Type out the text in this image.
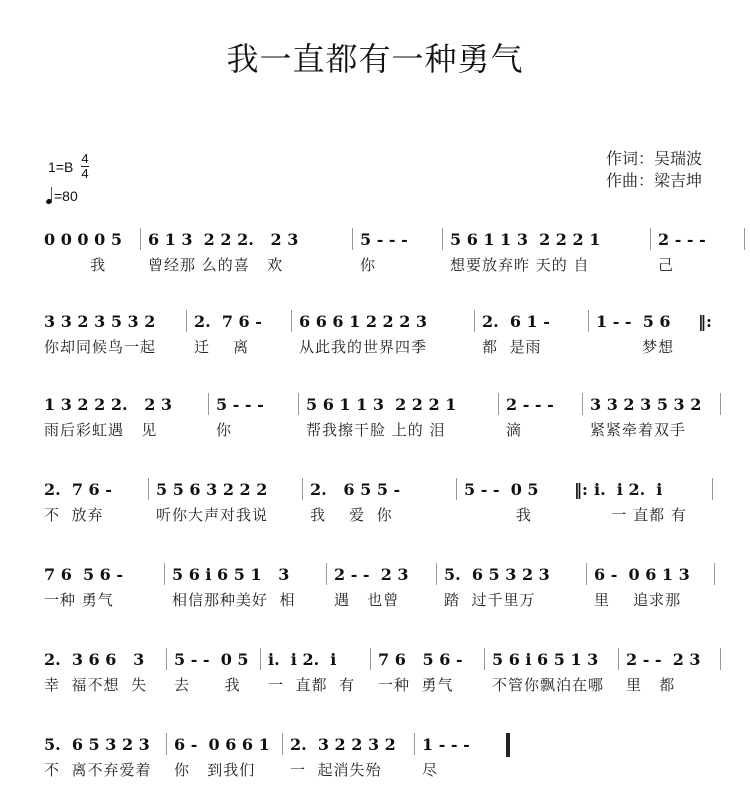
我一直都有一种勇气
$1=B \frac{4}{4}$
=80
作词：吴瑞波
作曲：梁吉坤
0 0 0 0 5
我
6 1 3  2 2 2.   2 3
曾经那 么的喜   欢
5 - - -
你
5 6 1 1 3  2 2 2 1
想要放弃昨 天的 自
2 - - -
己
3 3 2 3 5 3 2
你却同候鸟一起
2.  7 6 -
迁    离
6 6 6 1 2 2 2 3
从此我的世界四季
2.  6 1 -
都  是雨
1 - -  5 6
梦想
‖:
1 3 2 2 2.   2 3
雨后彩虹遇   见
5 - - -
你
5 6 1 1 3  2 2 2 1
帮我擦干脸 上的 泪
2 - - -
滴
3 3 2 3 5 3 2
紧紧牵着双手
2.  7 6 -
不  放弃
5 5 6 3 2 2 2
听你大声对我说
2.   6 5 5 -
我    爱  你
5 - -  0 5
我
i.  i 2.  i
一 直都 有
‖:
7 6  5 6 -
一种 勇气
5 6 i 6 5 1   3
相信那种美好  相
2 - -  2 3
遇   也曾
5.  6 5 3 2 3
踏  过千里万
6 -  0 6 1 3
里    追求那
2.  3 6 6   3
幸  福不想  失
5 - -  0 5
去      我
i.  i 2.  i
一  直都  有
7 6   5 6 -
一种  勇气
5 6 i 6 5 1 3
不管你飘泊在哪
2 - -  2 3
里   都
5.  6 5 3 2 3
不  离不弃爱着
6 -  0 6 6 1
你   到我们
2.  3 2 2 3 2
一  起消失殆
1 - - -
尽
